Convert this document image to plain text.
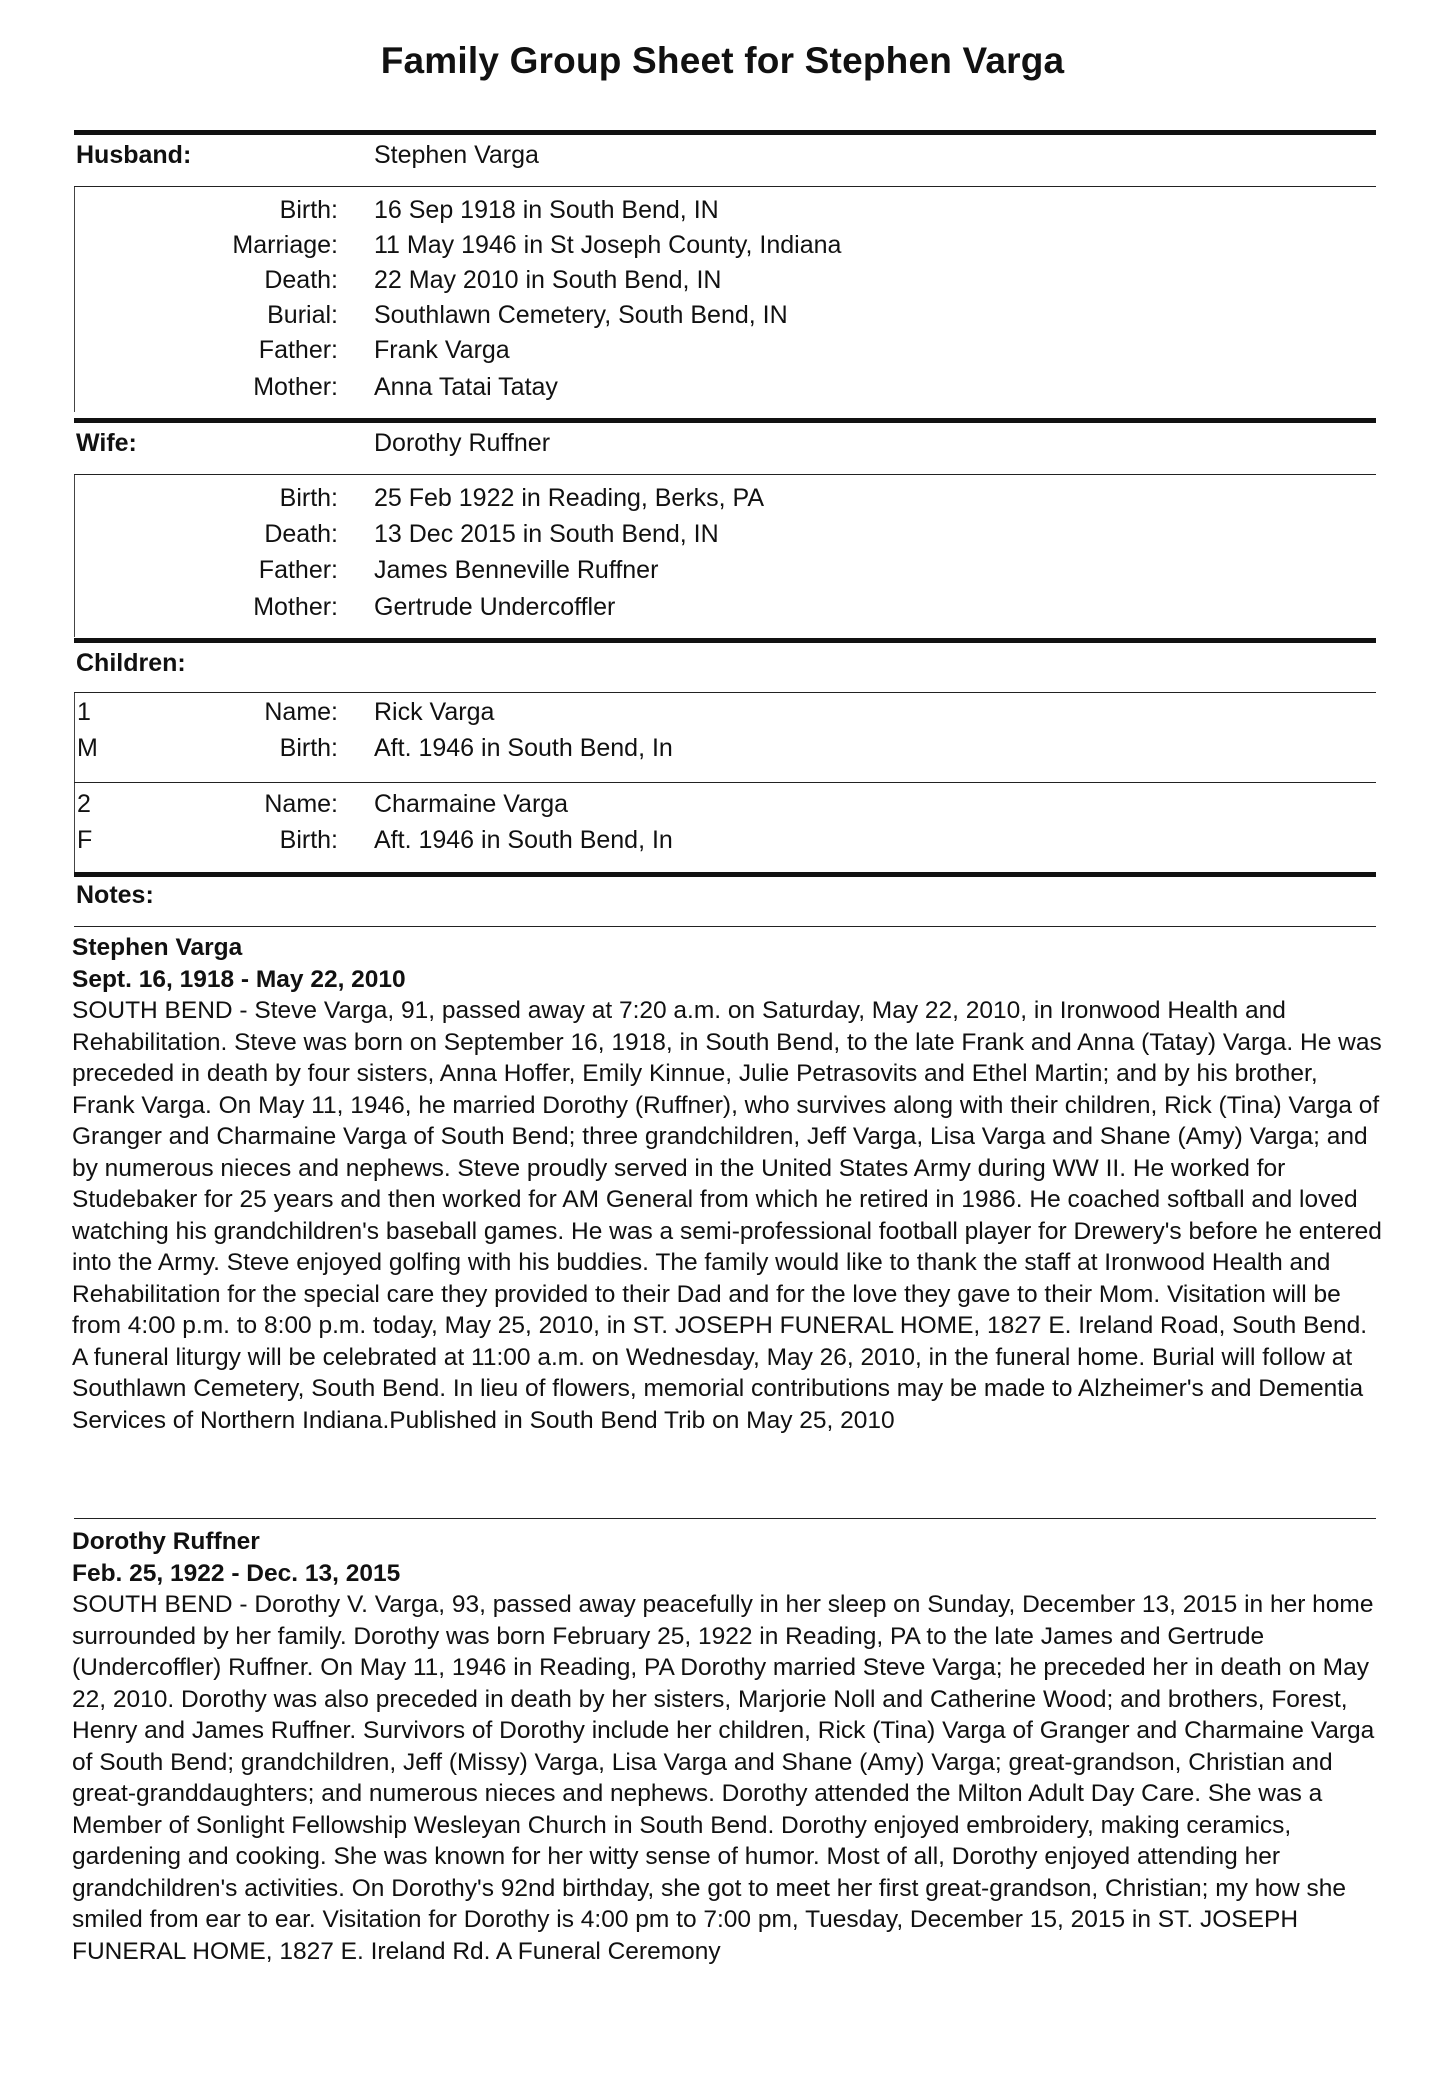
Family Group Sheet for Stephen Varga
Husband:	Stephen Varga
Birth: 16 Sep 1918 in South Bend, IN
Marriage: 11 May 1946 in St Joseph County, Indiana
Death: 22 May 2010 in South Bend, IN
Burial: Southlawn Cemetery, South Bend, IN
Father: Frank Varga
Mother: Anna Tatai Tatay
Wife:	Dorothy Ruffner
Birth: 25 Feb 1922 in Reading, Berks, PA
Death: 13 Dec 2015 in South Bend, IN
Father: James Benneville Ruffner
Mother: Gertrude Undercoffler
Children:
1
M
Name: Rick Varga
Birth: Aft. 1946 in South Bend, In
2
F
Name: Charmaine Varga
Birth: Aft. 1946 in South Bend, In
Notes:
Stephen Varga
Sept. 16, 1918 - May 22, 2010

SOUTH BEND - Steve Varga, 91, passed away at 7:20 a.m. on Saturday, May 22, 2010, in Ironwood Health and Rehabilitation. Steve was born on September 16, 1918, in South Bend, to the late Frank and Anna (Tatay) Varga. He was preceded in death by four sisters, Anna Hoffer, Emily Kinnue, Julie Petrasovits and Ethel Martin; and by his brother, Frank Varga. On May 11, 1946, he married Dorothy (Ruffner), who survives along with their children, Rick (Tina) Varga of Granger and Charmaine Varga of South Bend; three grandchildren, Jeff Varga, Lisa Varga and Shane (Amy) Varga; and by numerous nieces and nephews. Steve proudly served in the United States Army during WW II. He worked for Studebaker for 25 years and then worked for AM General from which he retired in 1986. He coached softball and loved watching his grandchildren's baseball games. He was a semi-professional football player for Drewery's before he entered into the Army. Steve enjoyed golfing with his buddies. The family would like to thank the staff at Ironwood Health and Rehabilitation for the special care they provided to their Dad and for the love they gave to their Mom. Visitation will be from 4:00 p.m. to 8:00 p.m. today, May 25, 2010, in ST. JOSEPH FUNERAL HOME, 1827 E. Ireland Road, South Bend. A funeral liturgy will be celebrated at 11:00 a.m. on Wednesday, May 26, 2010, in the funeral home. Burial will follow at Southlawn Cemetery, South Bend. In lieu of flowers, memorial contributions may be made to Alzheimer's and Dementia Services of Northern Indiana.Published in South Bend Trib on May 25, 2010

Dorothy Ruffner
Feb. 25, 1922 - Dec. 13, 2015

SOUTH BEND - Dorothy V. Varga, 93, passed away peacefully in her sleep on Sunday, December 13, 2015 in her home surrounded by her family. Dorothy was born February 25, 1922 in Reading, PA to the late James and Gertrude (Undercoffler) Ruffner. On May 11, 1946 in Reading, PA Dorothy married Steve Varga; he preceded her in death on May 22, 2010. Dorothy was also preceded in death by her sisters, Marjorie Noll and Catherine Wood; and brothers, Forest, Henry and James Ruffner. Survivors of Dorothy include her children, Rick (Tina) Varga of Granger and Charmaine Varga of South Bend; grandchildren, Jeff (Missy) Varga, Lisa Varga and Shane (Amy) Varga; great-grandson, Christian and great-granddaughters; and numerous nieces and nephews. Dorothy attended the Milton Adult Day Care. She was a Member of Sonlight Fellowship Wesleyan Church in South Bend. Dorothy enjoyed embroidery, making ceramics, gardening and cooking. She was known for her witty sense of humor. Most of all, Dorothy enjoyed attending her grandchildren's activities. On Dorothy's 92nd birthday, she got to meet her first great-grandson, Christian; my how she smiled from ear to ear. Visitation for Dorothy is 4:00 pm to 7:00 pm, Tuesday, December 15, 2015 in ST. JOSEPH FUNERAL HOME, 1827 E. Ireland Rd. A Funeral Ceremony
